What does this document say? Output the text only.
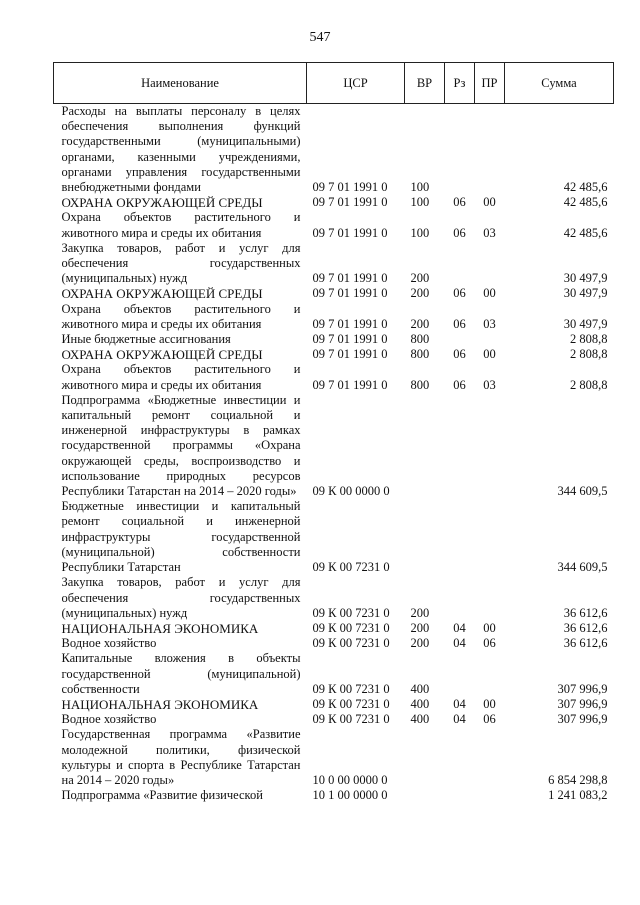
547
Наименование	ЦСР	ВР	Рз	ПР	Сумма
Расходы на выплаты персоналу в целях обеспечения выполнения функций государственными (муниципальными) органами, казенными учреждениями, органами управления государственными внебюджетными фондами	09 7 01 1991 0	100			42 485,6
ОХРАНА ОКРУЖАЮЩЕЙ СРЕДЫ	09 7 01 1991 0	100	06	00	42 485,6
Охрана объектов растительного и животного мира и среды их обитания	09 7 01 1991 0	100	06	03	42 485,6
Закупка товаров, работ и услуг для обеспечения государственных (муниципальных) нужд	09 7 01 1991 0	200			30 497,9
ОХРАНА ОКРУЖАЮЩЕЙ СРЕДЫ	09 7 01 1991 0	200	06	00	30 497,9
Охрана объектов растительного и животного мира и среды их обитания	09 7 01 1991 0	200	06	03	30 497,9
Иные бюджетные ассигнования	09 7 01 1991 0	800			2 808,8
ОХРАНА ОКРУЖАЮЩЕЙ СРЕДЫ	09 7 01 1991 0	800	06	00	2 808,8
Охрана объектов растительного и животного мира и среды их обитания	09 7 01 1991 0	800	06	03	2 808,8
Подпрограмма «Бюджетные инвестиции и капитальный ремонт социальной и инженерной инфраструктуры в рамках государственной программы «Охрана окружающей среды, воспроизводство и использование природных ресурсов Республики Татарстан на 2014 – 2020 годы»	09 К 00 0000 0				344 609,5
Бюджетные инвестиции и капитальный ремонт социальной и инженерной инфраструктуры государственной (муниципальной) собственности Республики Татарстан	09 К 00 7231 0				344 609,5
Закупка товаров, работ и услуг для обеспечения государственных (муниципальных) нужд	09 К 00 7231 0	200			36 612,6
НАЦИОНАЛЬНАЯ ЭКОНОМИКА	09 К 00 7231 0	200	04	00	36 612,6
Водное хозяйство	09 К 00 7231 0	200	04	06	36 612,6
Капитальные вложения в объекты государственной (муниципальной) собственности	09 К 00 7231 0	400			307 996,9
НАЦИОНАЛЬНАЯ ЭКОНОМИКА	09 К 00 7231 0	400	04	00	307 996,9
Водное хозяйство	09 К 00 7231 0	400	04	06	307 996,9
Государственная программа «Развитие молодежной политики, физической культуры и спорта в Республике Татарстан на 2014 – 2020 годы»	10 0 00 0000 0				6 854 298,8
Подпрограмма «Развитие физической	10 1 00 0000 0				1 241 083,2
